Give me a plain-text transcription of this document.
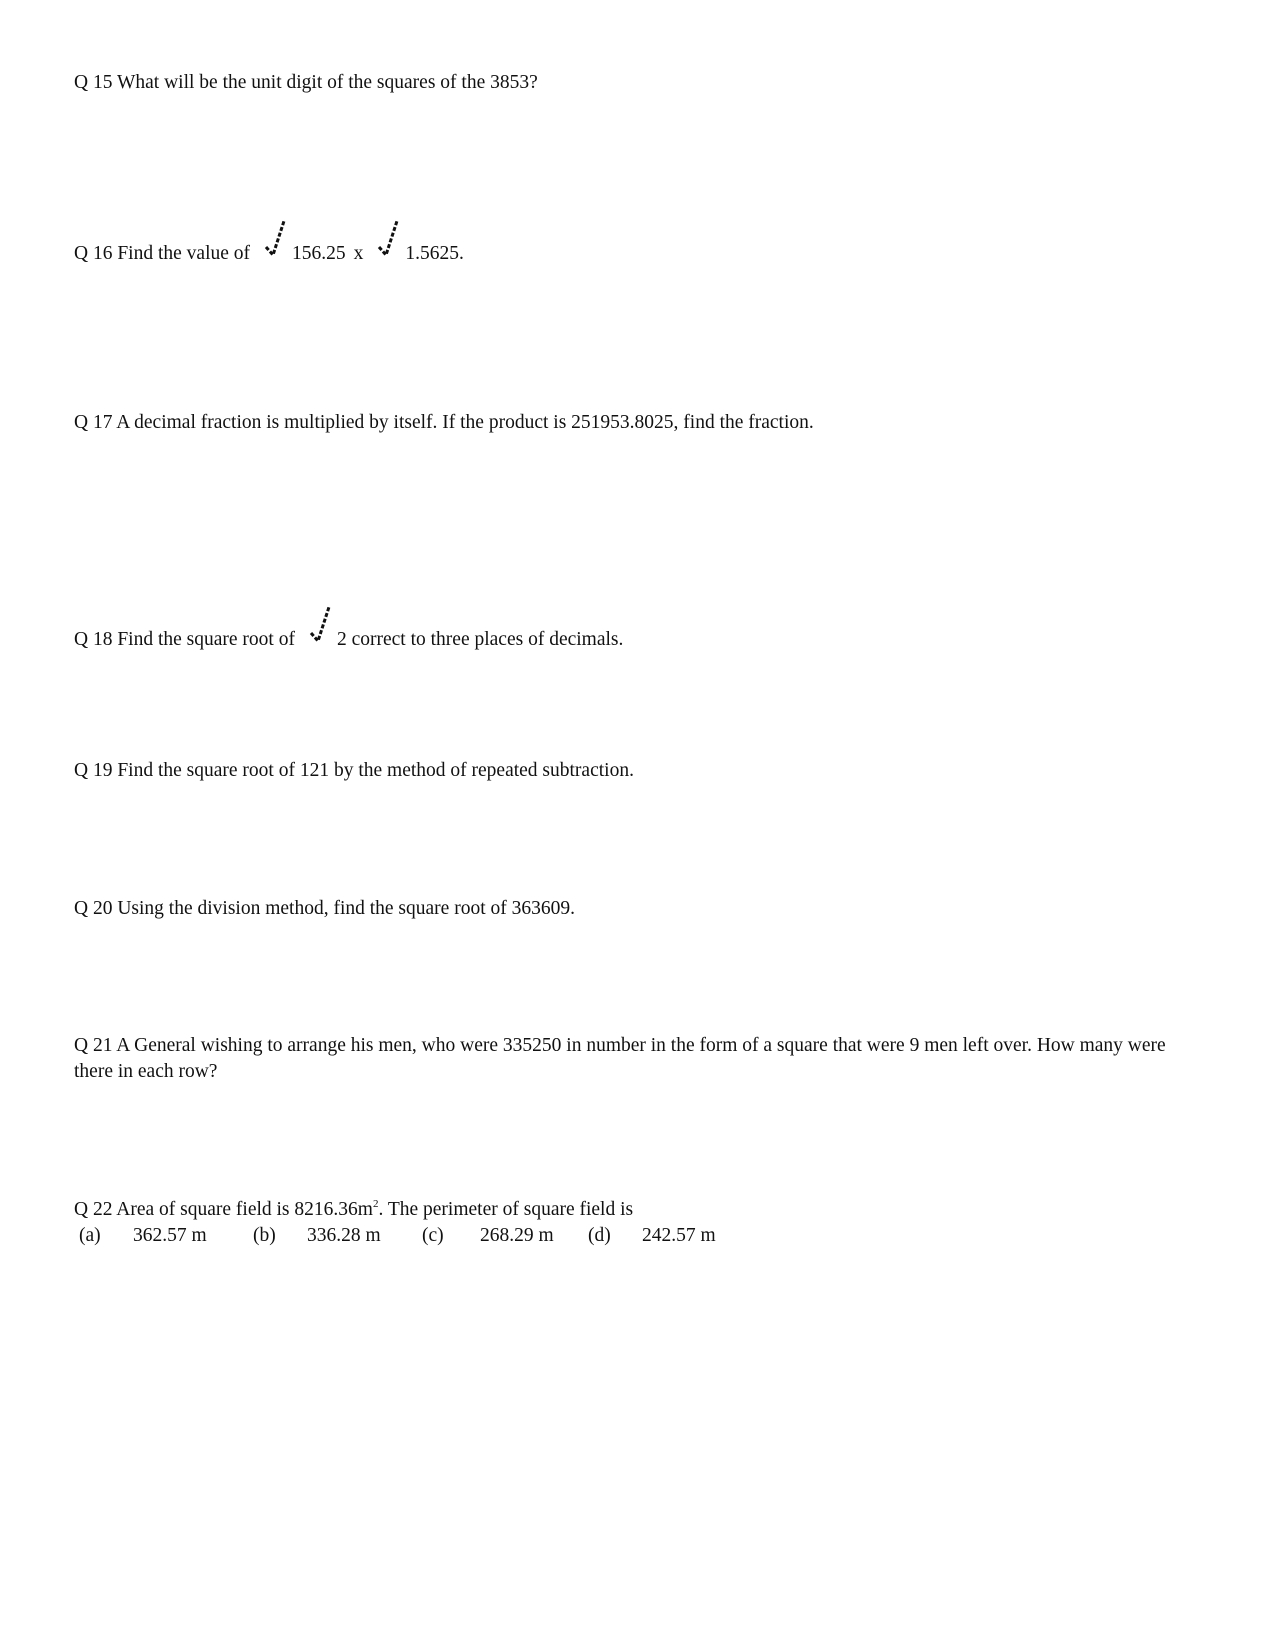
Q 15 What will be the unit digit of the squares of the 3853?
Q 16 Find the value of 156.25 x 1.5625.
Q 17 A decimal fraction is multiplied by itself. If the product is 251953.8025, find the fraction.
Q 18 Find the square root of 2 correct to three places of decimals.
Q 19 Find the square root of 121 by the method of repeated subtraction.
Q 20 Using the division method, find the square root of 363609.
Q 21 A General wishing to arrange his men, who were 335250 in number in the form of a square that were 9 men left over. How many were there in each row?
Q 22 Area of square field is $8216.36m^2$. The perimeter of square field is
(a) 362.57 m (b) 336.28 m (c) 268.29 m (d) 242.57 m
